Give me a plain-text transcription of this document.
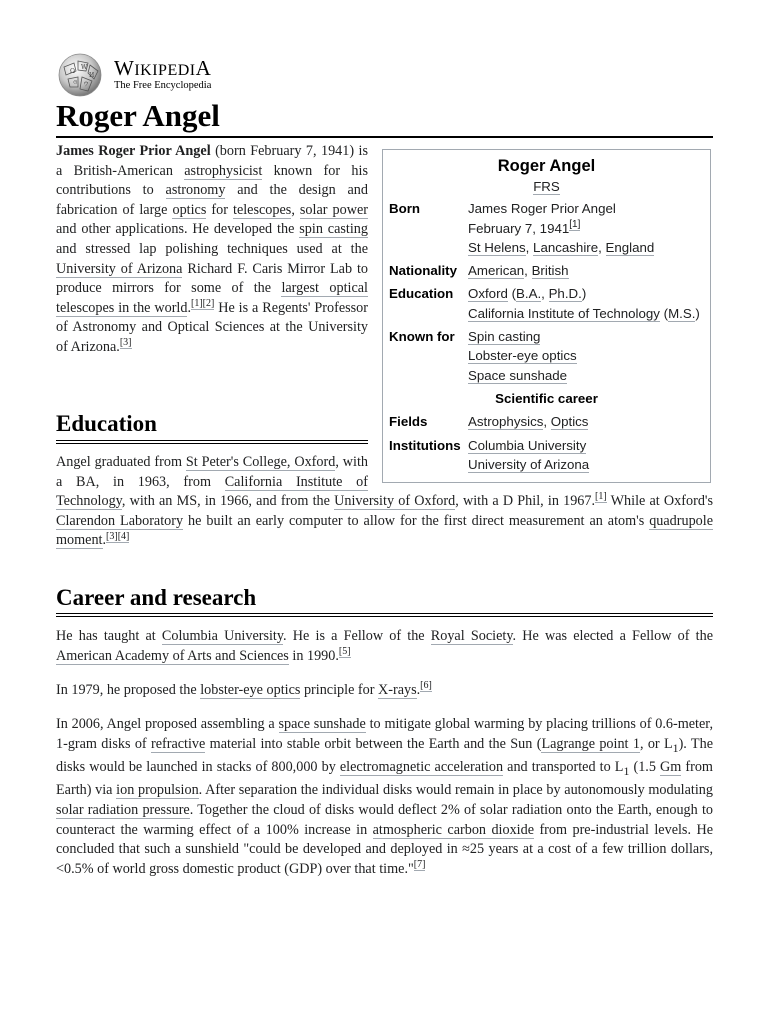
Ω
W
И
ও ウ
WIKIPEDIA
The Free Encyclopedia
Roger Angel

James Roger Prior Angel (born February 7, 1941) is a British-American astrophysicist known for his contributions to astronomy and the design and fabrication of large optics for telescopes, solar power and other applications. He developed the spin casting and stressed lap polishing techniques used at the University of Arizona Richard F. Caris Mirror Lab to produce mirrors for some of the largest optical telescopes in the world.[1][2] He is a Regents' Professor of Astronomy and Optical Sciences at the University of Arizona.[3]

Roger Angel
FRS
Born	James Roger Prior Angel
February 7, 1941[1]
St Helens, Lancashire, England
Nationality American, British
Education	Oxford (B.A., Ph.D.)
California Institute of Technology (M.S.)
Known for Spin casting
Lobster-eye optics
Space sunshade
Scientific career
Fields	Astrophysics, Optics
Institutions Columbia University
University of Arizona
Education

Angel graduated from St Peter's College, Oxford, with a BA, in 1963, from California Institute of Technology, with an MS, in 1966, and from the University of Oxford, with a D Phil, in 1967.[1] While at Oxford's Clarendon Laboratory he built an early computer to allow for the first direct measurement an atom's quadrupole moment.[3][4]

Career and research

He has taught at Columbia University. He is a Fellow of the Royal Society. He was elected a Fellow of the American Academy of Arts and Sciences in 1990.[5]

In 1979, he proposed the lobster-eye optics principle for X-rays.[6]

In 2006, Angel proposed assembling a space sunshade to mitigate global warming by placing trillions of 0.6-meter, 1-gram disks of refractive material into stable orbit between the Earth and the Sun (Lagrange point 1, or $L_1$). The disks would be launched in stacks of 800,000 by electromagnetic acceleration and transported to $L_1$ (1.5 Gm from Earth) via ion propulsion. After separation the individual disks would remain in place by autonomously modulating solar radiation pressure. Together the cloud of disks would deflect 2% of solar radiation onto the Earth, enough to counteract the warming effect of a 100% increase in atmospheric carbon dioxide from pre-industrial levels. He concluded that such a sunshield "could be developed and deployed in ≈25 years at a cost of a few trillion dollars, <0.5% of world gross domestic product (GDP) over that time."[7]
